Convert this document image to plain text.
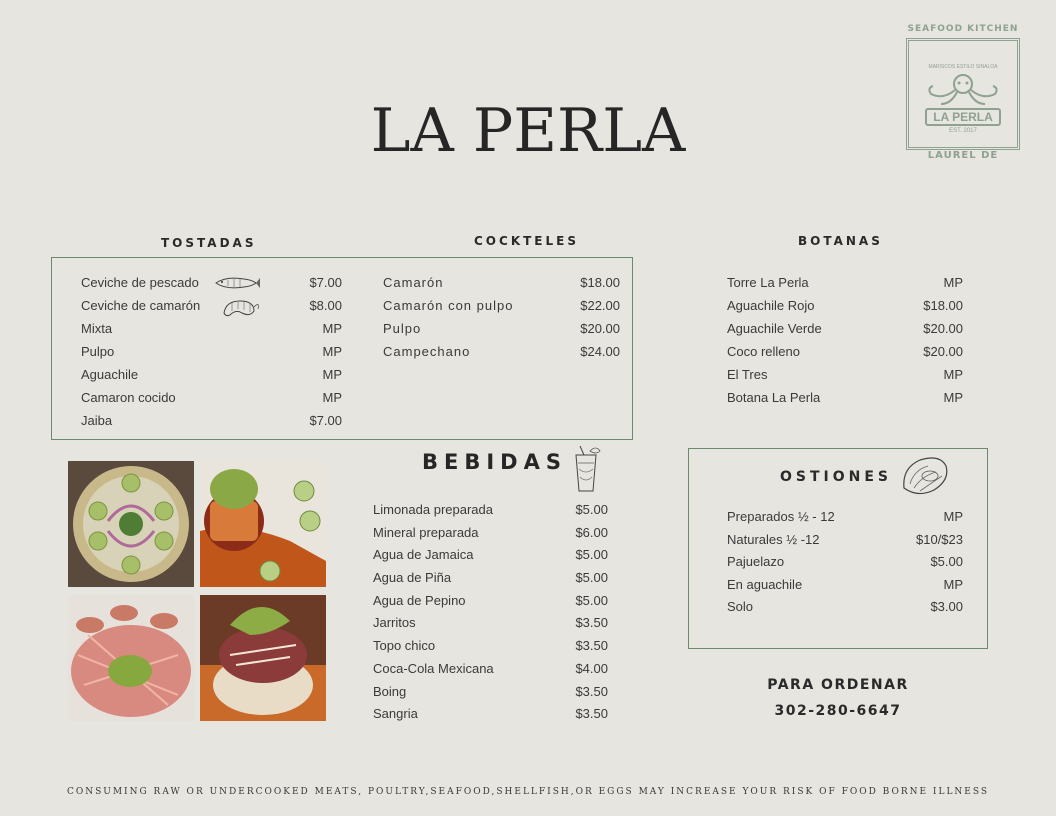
LA PERLA
SEAFOOD KITCHEN
MARISCOS ESTILO SINALOA
LA PERLA
EST. 2017
LAUREL DE
TOSTADAS	COCKTELES	BOTANAS
Ceviche de pescado	$7.00
Ceviche de camarón	$8.00
Mixta	MP
Pulpo	MP
Aguachile	MP
Camaron cocido	MP
Jaiba	$7.00
Camarón	$18.00
Camarón con pulpo	$22.00
Pulpo	$20.00
Campechano	$24.00
Torre La Perla	MP
Aguachile Rojo	$18.00
Aguachile Verde	$20.00
Coco relleno	$20.00
El Tres	MP
Botana La Perla	MP
BEBIDAS
Limonada preparada	$5.00
Mineral preparada	$6.00
Agua de Jamaica	$5.00
Agua de Piña	$5.00
Agua de Pepino	$5.00
Jarritos	$3.50
Topo chico	$3.50
Coca-Cola Mexicana	$4.00
Boing	$3.50
Sangria	$3.50
OSTIONES
Preparados ½ - 12	MP
Naturales ½ -12	$10/$23
Pajuelazo	$5.00
En aguachile	MP
Solo	$3.00
PARA ORDENAR
302-280-6647
CONSUMING RAW OR UNDERCOOKED MEATS, POULTRY,SEAFOOD,SHELLFISH,OR EGGS MAY INCREASE YOUR RISK OF FOOD BORNE ILLNESS
